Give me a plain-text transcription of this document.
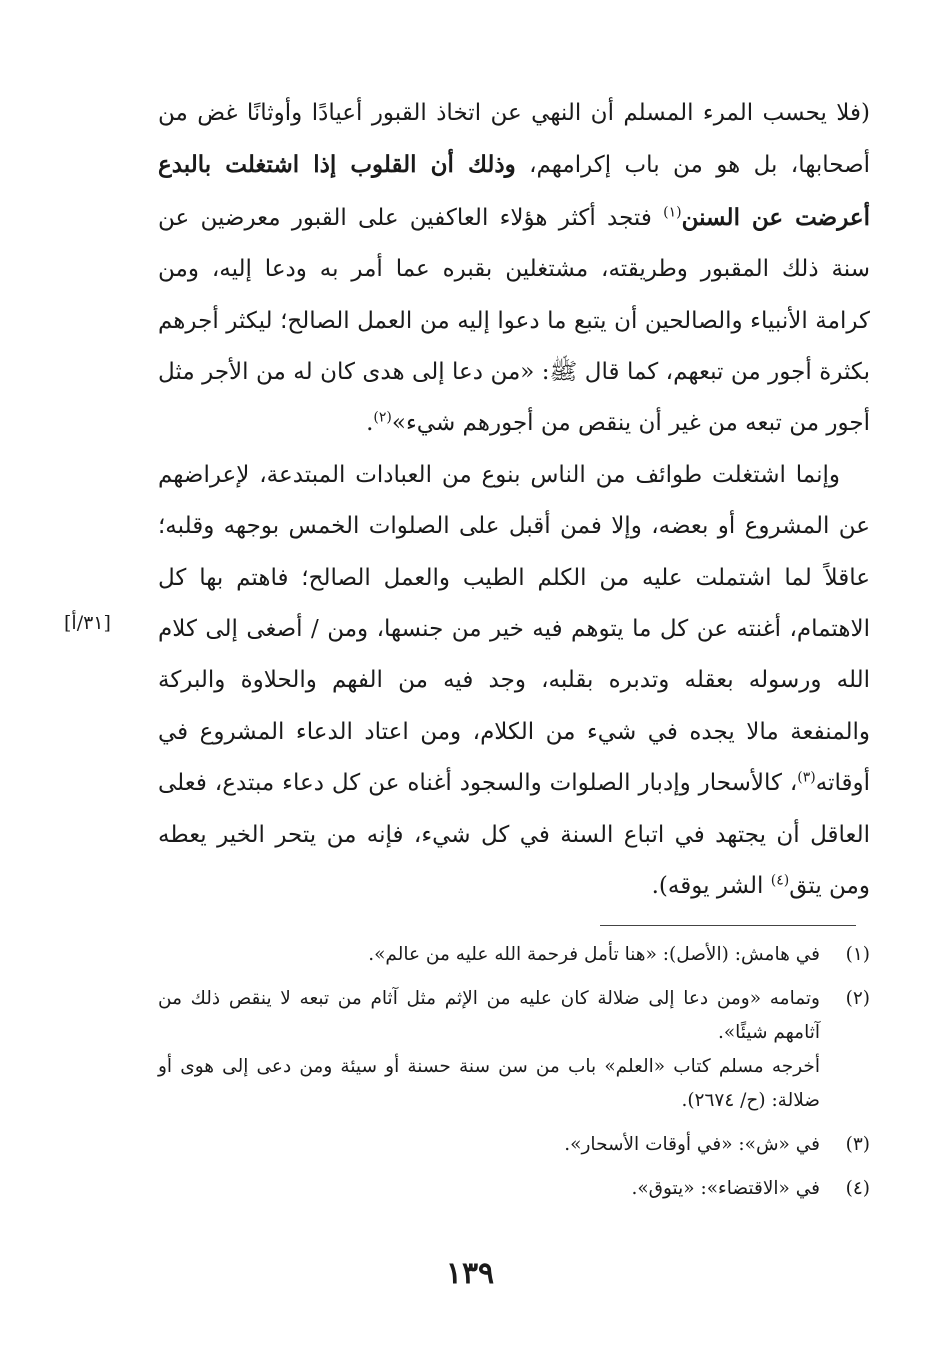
(فلا يحسب المرء المسلم أن النهي عن اتخاذ القبور أعيادًا وأوثانًا غض من أصحابها، بل هو من باب إكرامهم، وذلك أن القلوب إذا اشتغلت بالبدع أعرضت عن السنن$^{(١)}$ فتجد أكثر هؤلاء العاكفين على القبور معرضين عن سنة ذلك المقبور وطريقته، مشتغلين بقبره عما أمر به ودعا إليه، ومن كرامة الأنبياء والصالحين أن يتبع ما دعوا إليه من العمل الصالح؛ ليكثر أجرهم بكثرة أجور من تبعهم، كما قال ﷺ: «من دعا إلى هدى كان له من الأجر مثل أجور من تبعه من غير أن ينقص من أجورهم شيء»$^{(٢)}$.

وإنما اشتغلت طوائف من الناس بنوع من العبادات المبتدعة، لإعراضهم عن المشروع أو بعضه، وإلا فمن أقبل على الصلوات الخمس بوجهه وقلبه؛ عاقلاً لما اشتملت عليه من الكلم الطيب والعمل الصالح؛ فاهتم بها كل الاهتمام، أغنته عن كل ما يتوهم فيه خير من جنسها، ومن / أصغى إلى كلام الله ورسوله بعقله وتدبره بقلبه، وجد فيه من الفهم والحلاوة والبركة والمنفعة مالا يجده في شيء من الكلام، ومن اعتاد الدعاء المشروع في أوقاته$^{(٣)}$، كالأسحار وإدبار الصلوات والسجود أغناه عن كل دعاء مبتدع، فعلى العاقل أن يجتهد في اتباع السنة في كل شيء، فإنه من يتحر الخير يعطه ومن يتق$^{(٤)}$ الشر يوقه).

[٣١/أ]
(١)
في هامش: (الأصل): «هنا تأمل فرحمة الله عليه من عالم».
(٢)
وتمامه «ومن دعا إلى ضلالة كان عليه من الإثم مثل آثام من تبعه لا ينقص ذلك من آثامهم شيئًا».
أخرجه مسلم كتاب «العلم» باب من سن سنة حسنة أو سيئة ومن دعى إلى هوى أو ضلالة: (ح/ ٢٦٧٤).
(٣)
في «ش»: «في أوقات الأسحار».
(٤)
في «الاقتضاء»: «يتوق».
١٣٩
